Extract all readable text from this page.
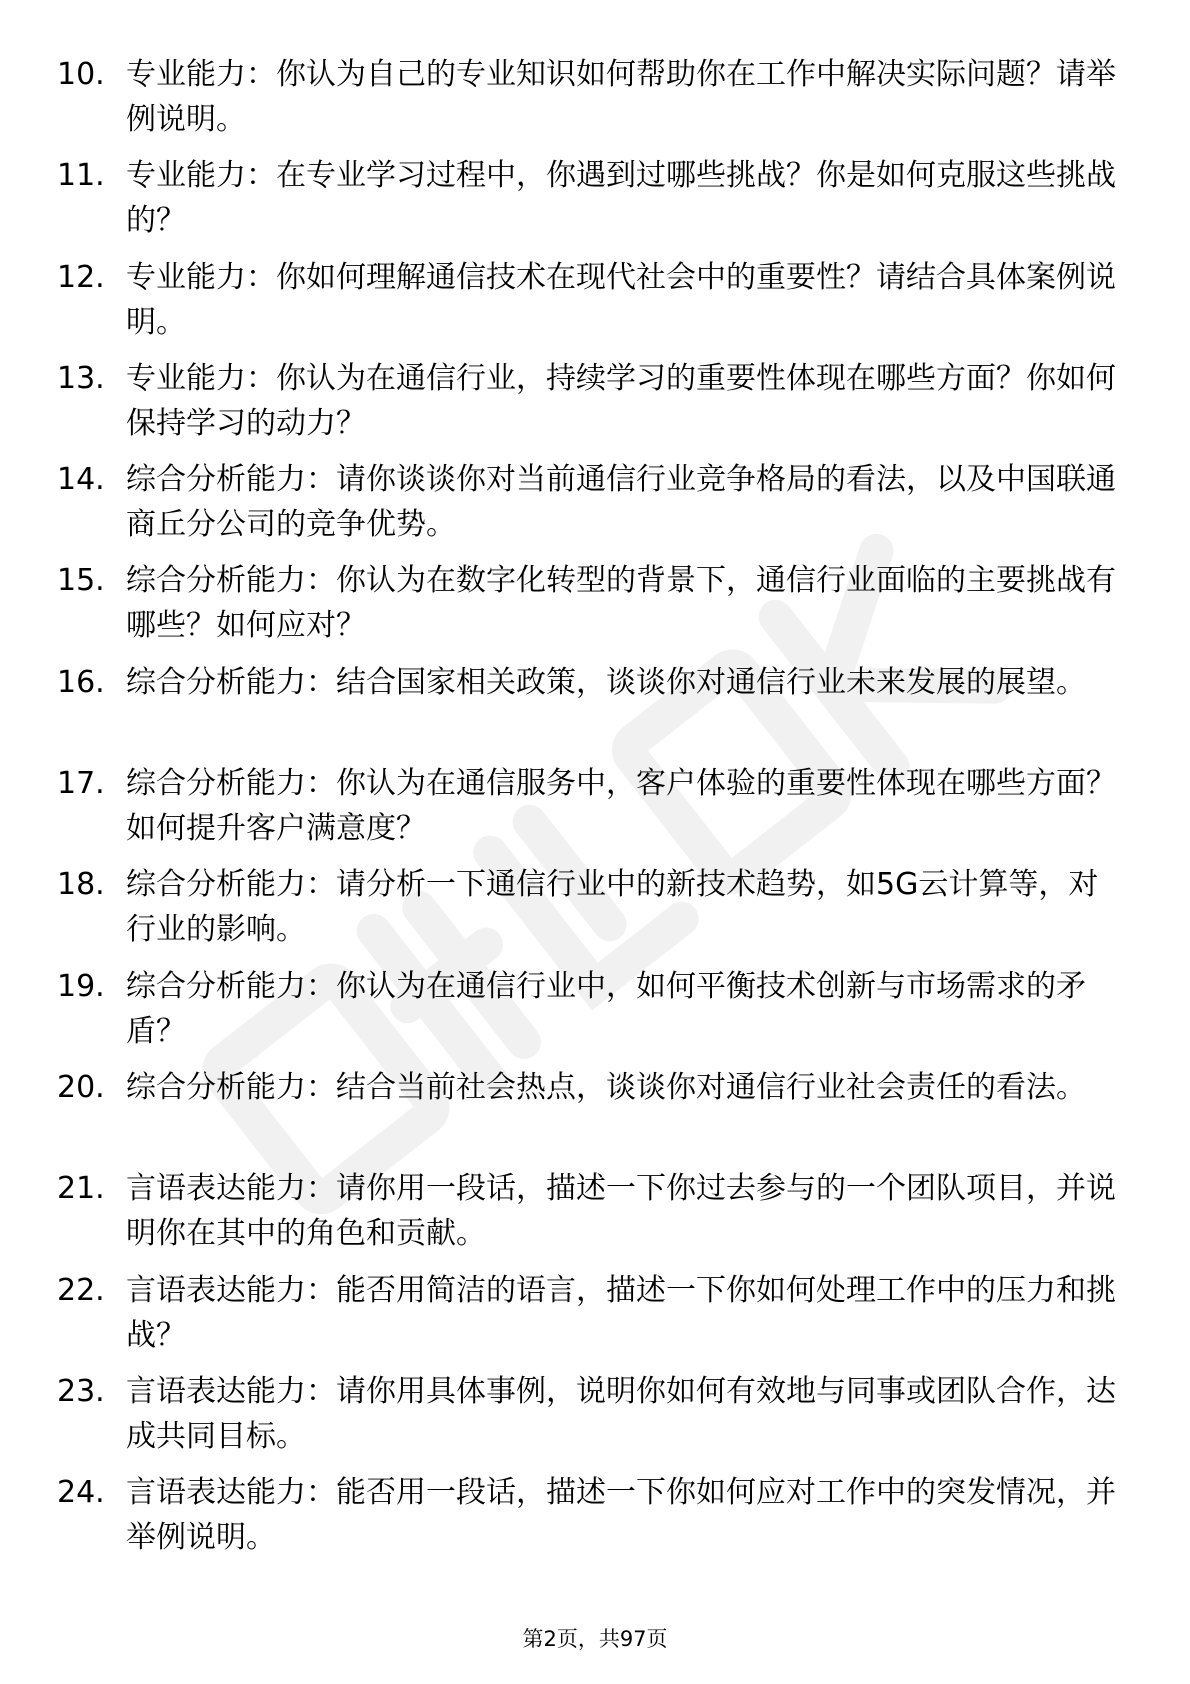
10. 专业能力：你认为自己的专业知识如何帮助你在工作中解决实际问题？请举例说明。
11. 专业能力：在专业学习过程中，你遇到过哪些挑战？你是如何克服这些挑战的？
12. 专业能力：你如何理解通信技术在现代社会中的重要性？请结合具体案例说明。
13. 专业能力：你认为在通信行业，持续学习的重要性体现在哪些方面？你如何保持学习的动力？
14. 综合分析能力：请你谈谈你对当前通信行业竞争格局的看法，以及中国联通商丘分公司的竞争优势。
15. 综合分析能力：你认为在数字化转型的背景下，通信行业面临的主要挑战有哪些？如何应对？
16. 综合分析能力：结合国家相关政策，谈谈你对通信行业未来发展的展望。
17. 综合分析能力：你认为在通信服务中，客户体验的重要性体现在哪些方面？如何提升客户满意度？
18. 综合分析能力：请分析一下通信行业中的新技术趋势，如5G云计算等，对行业的影响。
19. 综合分析能力：你认为在通信行业中，如何平衡技术创新与市场需求的矛盾？
20. 综合分析能力：结合当前社会热点，谈谈你对通信行业社会责任的看法。
21. 言语表达能力：请你用一段话，描述一下你过去参与的一个团队项目，并说明你在其中的角色和贡献。
22. 言语表达能力：能否用简洁的语言，描述一下你如何处理工作中的压力和挑战？
23. 言语表达能力：请你用具体事例，说明你如何有效地与同事或团队合作，达成共同目标。
24. 言语表达能力：能否用一段话，描述一下你如何应对工作中的突发情况，并举例说明。
第2页，共97页
